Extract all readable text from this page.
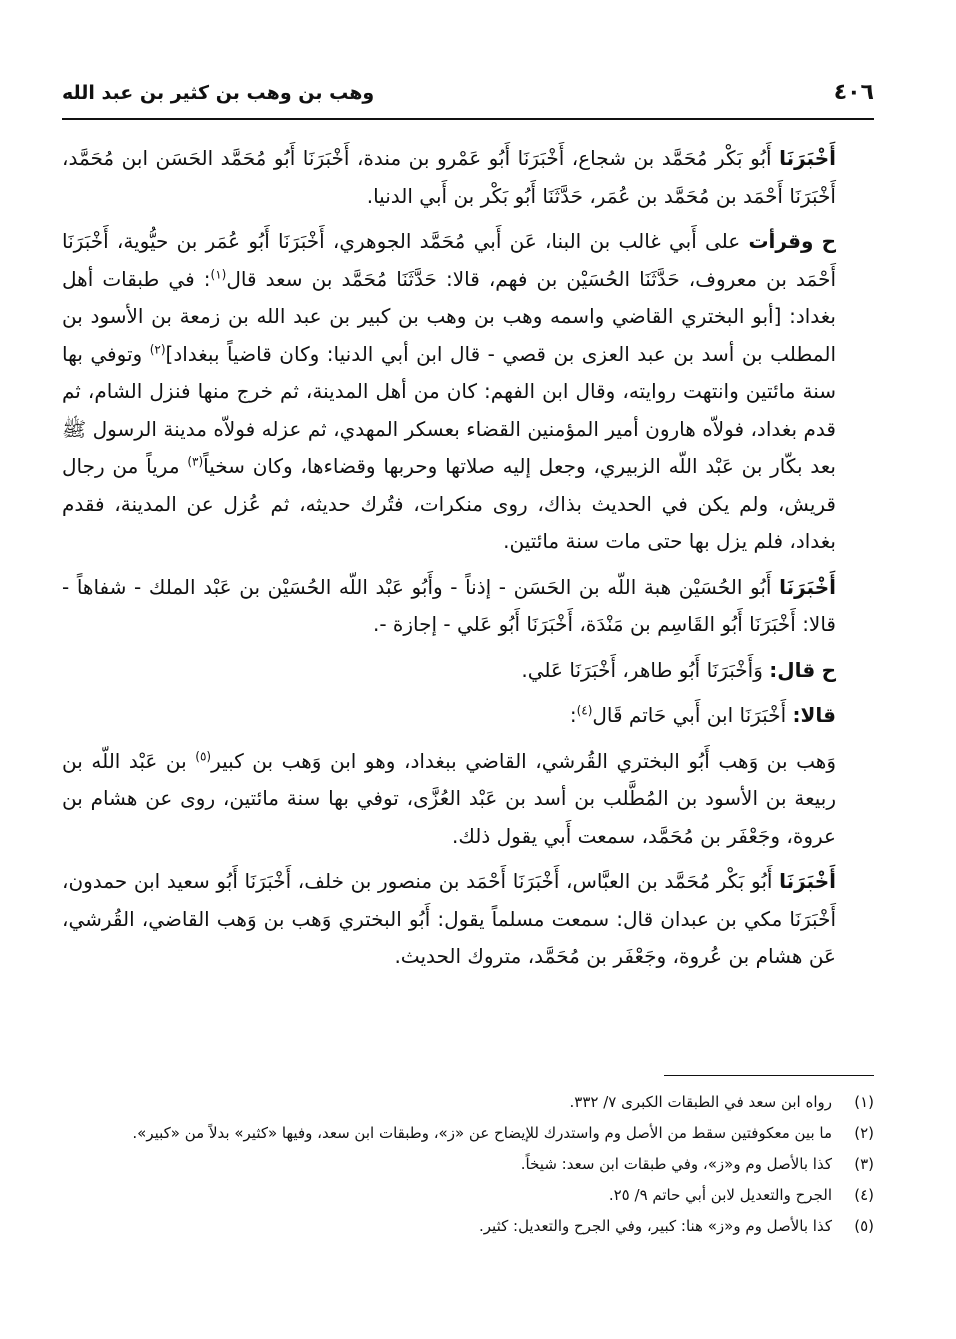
٤٠٦
وهب بن وهب بن كثير بن عبد الله

أَخْبَرَنَا أَبُو بَكْر مُحَمَّد بن شجاع، أَخْبَرَنَا أَبُو عَمْرو بن مندة، أَخْبَرَنَا أَبُو مُحَمَّد الحَسَن ابن مُحَمَّد، أَخْبَرَنَا أَحْمَد بن مُحَمَّد بن عُمَر، حَدَّثَنَا أَبُو بَكْر بن أَبي الدنيا.

ح وقرأت على أَبي غالب بن البنا، عَن أَبي مُحَمَّد الجوهري، أَخْبَرَنَا أَبُو عُمَر بن حيُّوية، أَخْبَرَنَا أَحْمَد بن معروف، حَدَّثَنَا الحُسَيْن بن فهم، قالا: حَدَّثَنَا مُحَمَّد بن سعد قال$^{(١)}$: في طبقات أهل بغداد: [أبو البختري القاضي واسمه وهب بن وهب بن كبير بن عبد الله بن زمعة بن الأسود بن المطلب بن أسد بن عبد العزى بن قصي - قال ابن أبي الدنيا: وكان قاضياً ببغداد]$^{(٢)}$ وتوفي بها سنة مائتين وانتهت روايته، وقال ابن الفهم: كان من أهل المدينة، ثم خرج منها فنزل الشام، ثم قدم بغداد، فولاّه هارون أمير المؤمنين القضاء بعسكر المهدي، ثم عزله فولاّه مدينة الرسول ﷺ بعد بكّار بن عَبْد اللّه الزبيري، وجعل إليه صلاتها وحربها وقضاءها، وكان سخياً$^{(٣)}$ مرياً من رجال قريش، ولم يكن في الحديث بذاك، روى منكرات، فتُرك حديثه، ثم عُزل عن المدينة، فقدم بغداد، فلم يزل بها حتى مات سنة مائتين.

أَخْبَرَنَا أَبُو الحُسَيْن هبة اللّه بن الحَسَن - إذناً - وأَبُو عَبْد اللّه الحُسَيْن بن عَبْد الملك - شفاهاً - قالا: أَخْبَرَنَا أَبُو القَاسِم بن مَنْدَة، أَخْبَرَنَا أَبُو عَلي - إجازة -.

ح قال: وَأَخْبَرَنَا أَبُو طاهر، أَخْبَرَنَا عَلي.

قالا: أَخْبَرَنَا ابن أَبي حَاتم قَال$^{(٤)}$:

وَهب بن وَهب أَبُو البختري القُرشي، القاضي ببغداد، وهو ابن وَهب بن كبير$^{(٥)}$ بن عَبْد اللّه بن ربيعة بن الأسود بن المُطَّلب بن أسد بن عَبْد العُزَّى، توفي بها سنة مائتين، روى عن هشام بن عروة، وجَعْفَر بن مُحَمَّد، سمعت أَبي يقول ذلك.

أَخْبَرَنَا أَبُو بَكْر مُحَمَّد بن العبَّاس، أَخْبَرَنَا أَحْمَد بن منصور بن خلف، أَخْبَرَنَا أَبُو سعيد ابن حمدون، أَخْبَرَنَا مكي بن عبدان قال: سمعت مسلماً يقول: أَبُو البختري وَهب بن وَهب القاضي، القُرشي، عَن هشام بن عُروة، وجَعْفَر بن مُحَمَّد، متروك الحديث.

(١)
رواه ابن سعد في الطبقات الكبرى ٧/ ٣٣٢.
(٢)
ما بين معكوفتين سقط من الأصل وم واستدرك للإيضاح عن «ز»، وطبقات ابن سعد، وفيها «كثير» بدلاً من «كبير».
(٣)
كذا بالأصل وم و«ز»، وفي طبقات ابن سعد: شيخاً.
(٤)
الجرح والتعديل لابن أبي حاتم ٩/ ٢٥.
(٥)
كذا بالأصل وم و«ز» هنا: كبير، وفي الجرح والتعديل: كثير.
